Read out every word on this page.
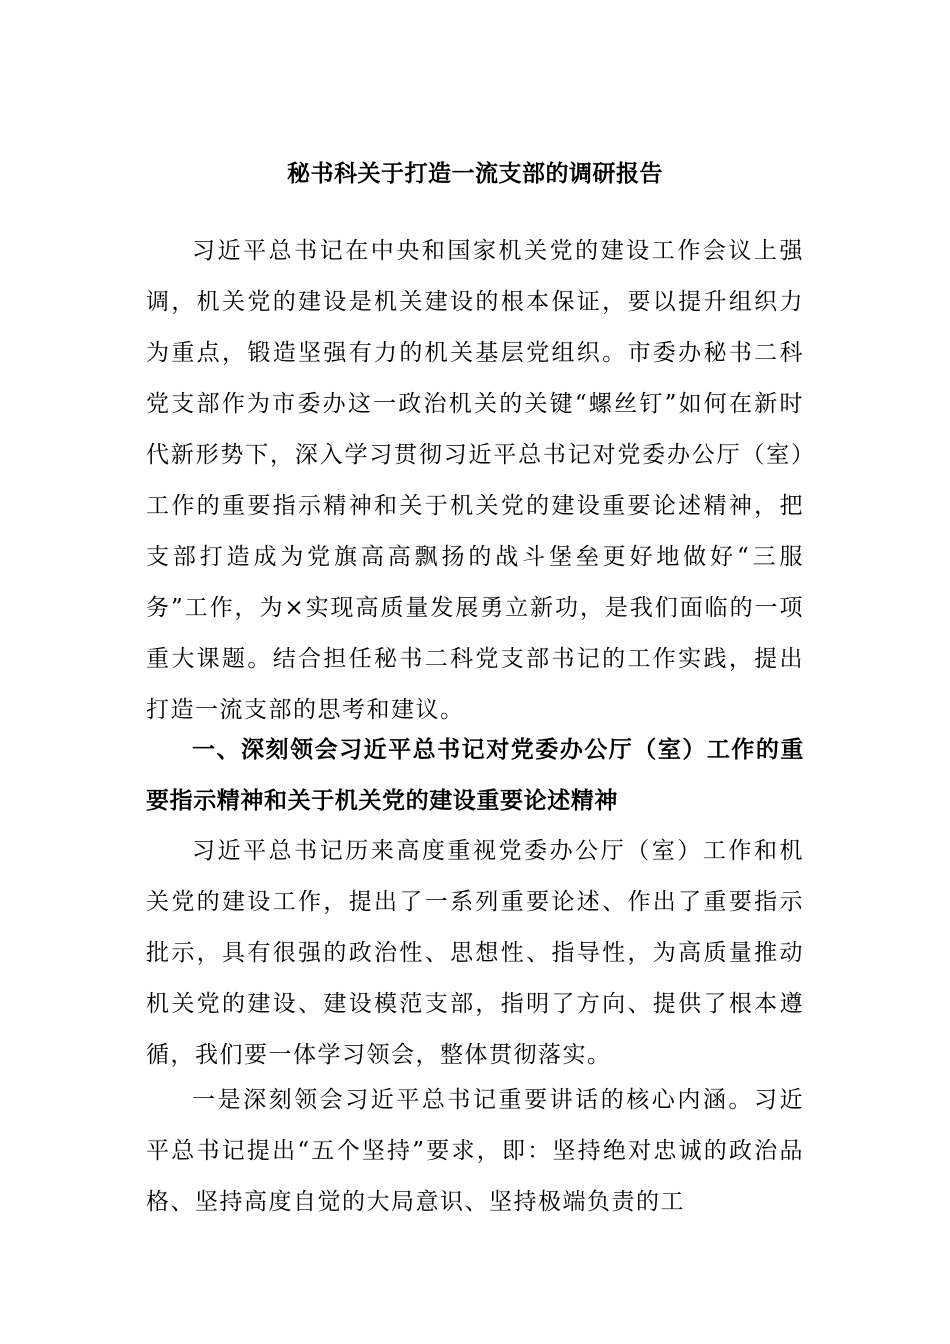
秘书科关于打造一流支部的调研报告

习近平总书记在中央和国家机关党的建设工作会议上强调，机关党的建设是机关建设的根本保证，要以提升组织力为重点，锻造坚强有力的机关基层党组织。市委办秘书二科党支部作为市委办这一政治机关的关键“螺丝钉”如何在新时代新形势下，深入学习贯彻习近平总书记对党委办公厅（室）工作的重要指示精神和关于机关党的建设重要论述精神，把支部打造成为党旗高高飘扬的战斗堡垒更好地做好“三服务”工作，为×实现高质量发展勇立新功，是我们面临的一项重大课题。结合担任秘书二科党支部书记的工作实践，提出打造一流支部的思考和建议。

一、深刻领会习近平总书记对党委办公厅（室）工作的重要指示精神和关于机关党的建设重要论述精神

习近平总书记历来高度重视党委办公厅（室）工作和机关党的建设工作，提出了一系列重要论述、作出了重要指示批示，具有很强的政治性、思想性、指导性，为高质量推动机关党的建设、建设模范支部，指明了方向、提供了根本遵循，我们要一体学习领会，整体贯彻落实。

一是深刻领会习近平总书记重要讲话的核心内涵。习近平总书记提出“五个坚持”要求，即：坚持绝对忠诚的政治品格、坚持高度自觉的大局意识、坚持极端负责的工
